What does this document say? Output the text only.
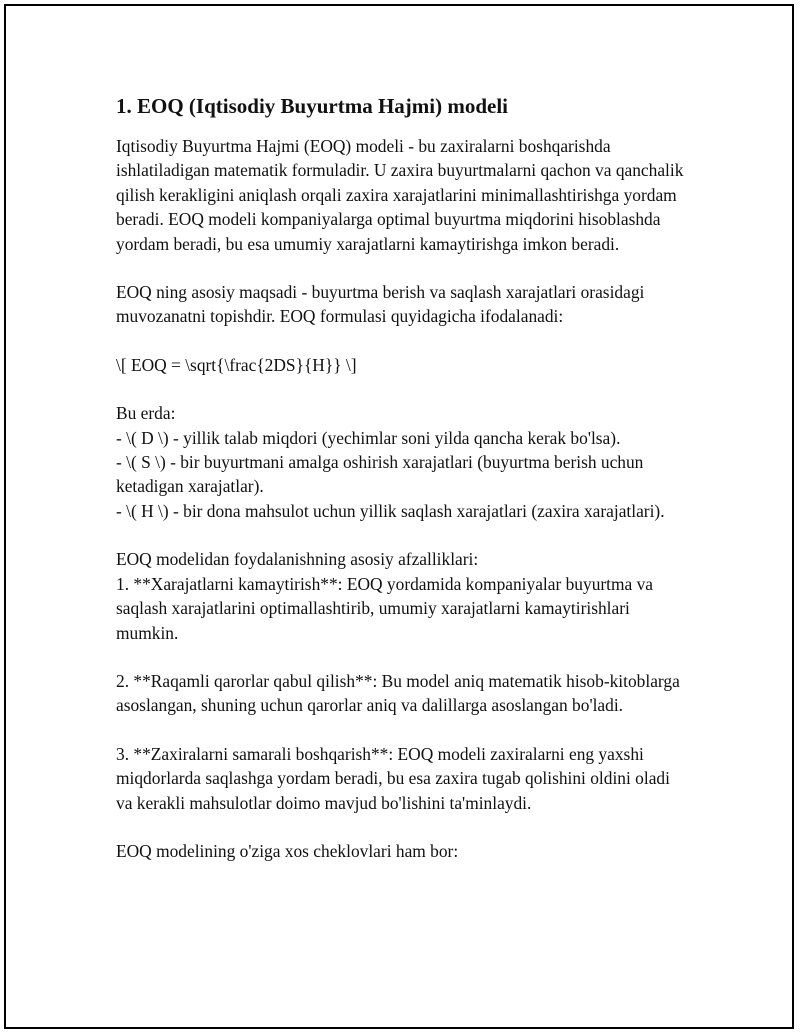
1. EOQ (Iqtisodiy Buyurtma Hajmi) modeli

Iqtisodiy Buyurtma Hajmi (EOQ) modeli - bu zaxiralarni boshqarishda ishlatiladigan matematik formuladir. U zaxira buyurtmalarni qachon va qanchalik qilish kerakligini aniqlash orqali zaxira xarajatlarini minimallashtirishga yordam beradi. EOQ modeli kompaniyalarga optimal buyurtma miqdorini hisoblashda yordam beradi, bu esa umumiy xarajatlarni kamaytirishga imkon beradi.

EOQ ning asosiy maqsadi - buyurtma berish va saqlash xarajatlari orasidagi muvozanatni topishdir. EOQ formulasi quyidagicha ifodalanadi:

\[ EOQ = \sqrt{\frac{2DS}{H}} \]

Bu erda:
- \( D \) - yillik talab miqdori (yechimlar soni yilda qancha kerak bo'lsa).
- \( S \) - bir buyurtmani amalga oshirish xarajatlari (buyurtma berish uchun ketadigan xarajatlar).
- \( H \) - bir dona mahsulot uchun yillik saqlash xarajatlari (zaxira xarajatlari).

EOQ modelidan foydalanishning asosiy afzalliklari:
1. **Xarajatlarni kamaytirish**: EOQ yordamida kompaniyalar buyurtma va saqlash xarajatlarini optimallashtirib, umumiy xarajatlarni kamaytirishlari mumkin.

2. **Raqamli qarorlar qabul qilish**: Bu model aniq matematik hisob-kitoblarga asoslangan, shuning uchun qarorlar aniq va dalillarga asoslangan bo'ladi.

3. **Zaxiralarni samarali boshqarish**: EOQ modeli zaxiralarni eng yaxshi miqdorlarda saqlashga yordam beradi, bu esa zaxira tugab qolishini oldini oladi va kerakli mahsulotlar doimo mavjud bo'lishini ta'minlaydi.

EOQ modelining o'ziga xos cheklovlari ham bor:
